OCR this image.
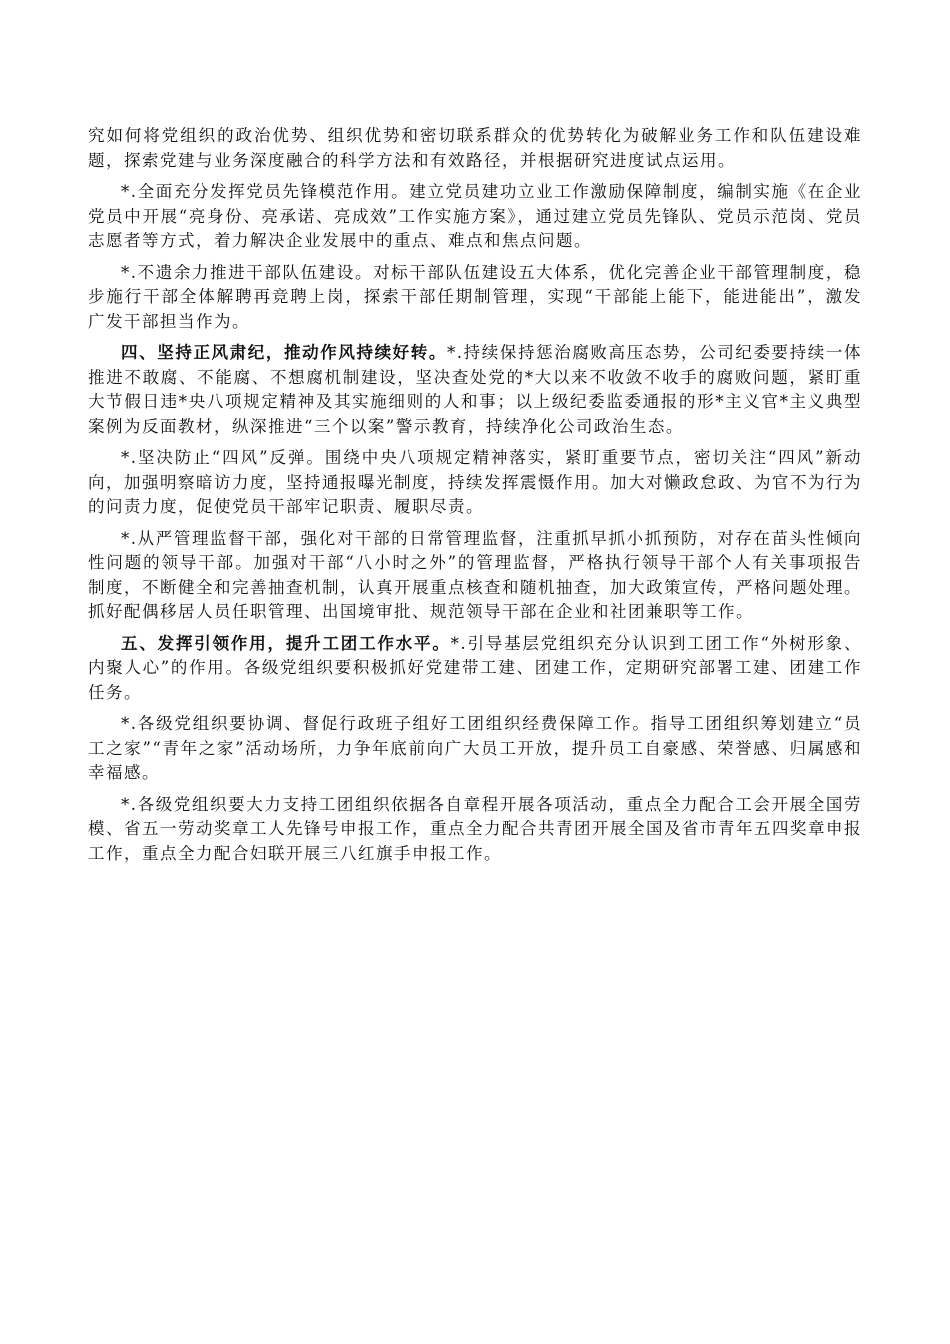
究如何将党组织的政治优势、组织优势和密切联系群众的优势转化为破解业务工作和队伍建设难题，探索党建与业务深度融合的科学方法和有效路径，并根据研究进度试点运用。

*.全面充分发挥党员先锋模范作用。建立党员建功立业工作激励保障制度，编制实施《在企业党员中开展“亮身份、亮承诺、亮成效”工作实施方案》，通过建立党员先锋队、党员示范岗、党员志愿者等方式，着力解决企业发展中的重点、难点和焦点问题。

*.不遗余力推进干部队伍建设。对标干部队伍建设五大体系，优化完善企业干部管理制度，稳步施行干部全体解聘再竞聘上岗，探索干部任期制管理，实现“干部能上能下，能进能出”，激发广发干部担当作为。

四、坚持正风肃纪，推动作风持续好转。*.持续保持惩治腐败高压态势，公司纪委要持续一体推进不敢腐、不能腐、不想腐机制建设，坚决查处党的*大以来不收敛不收手的腐败问题，紧盯重大节假日违*央八项规定精神及其实施细则的人和事；以上级纪委监委通报的形*主义官*主义典型案例为反面教材，纵深推进“三个以案”警示教育，持续净化公司政治生态。

*.坚决防止“四风”反弹。围绕中央八项规定精神落实，紧盯重要节点，密切关注“四风”新动向，加强明察暗访力度，坚持通报曝光制度，持续发挥震慑作用。加大对懒政怠政、为官不为行为的问责力度，促使党员干部牢记职责、履职尽责。

*.从严管理监督干部，强化对干部的日常管理监督，注重抓早抓小抓预防，对存在苗头性倾向性问题的领导干部。加强对干部“八小时之外”的管理监督，严格执行领导干部个人有关事项报告制度，不断健全和完善抽查机制，认真开展重点核查和随机抽查，加大政策宣传，严格问题处理。抓好配偶移居人员任职管理、出国境审批、规范领导干部在企业和社团兼职等工作。

五、发挥引领作用，提升工团工作水平。*.引导基层党组织充分认识到工团工作“外树形象、内聚人心”的作用。各级党组织要积极抓好党建带工建、团建工作，定期研究部署工建、团建工作任务。

*.各级党组织要协调、督促行政班子组好工团组织经费保障工作。指导工团组织筹划建立“员工之家”“青年之家”活动场所，力争年底前向广大员工开放，提升员工自豪感、荣誉感、归属感和幸福感。

*.各级党组织要大力支持工团组织依据各自章程开展各项活动，重点全力配合工会开展全国劳模、省五一劳动奖章工人先锋号申报工作，重点全力配合共青团开展全国及省市青年五四奖章申报工作，重点全力配合妇联开展三八红旗手申报工作。
